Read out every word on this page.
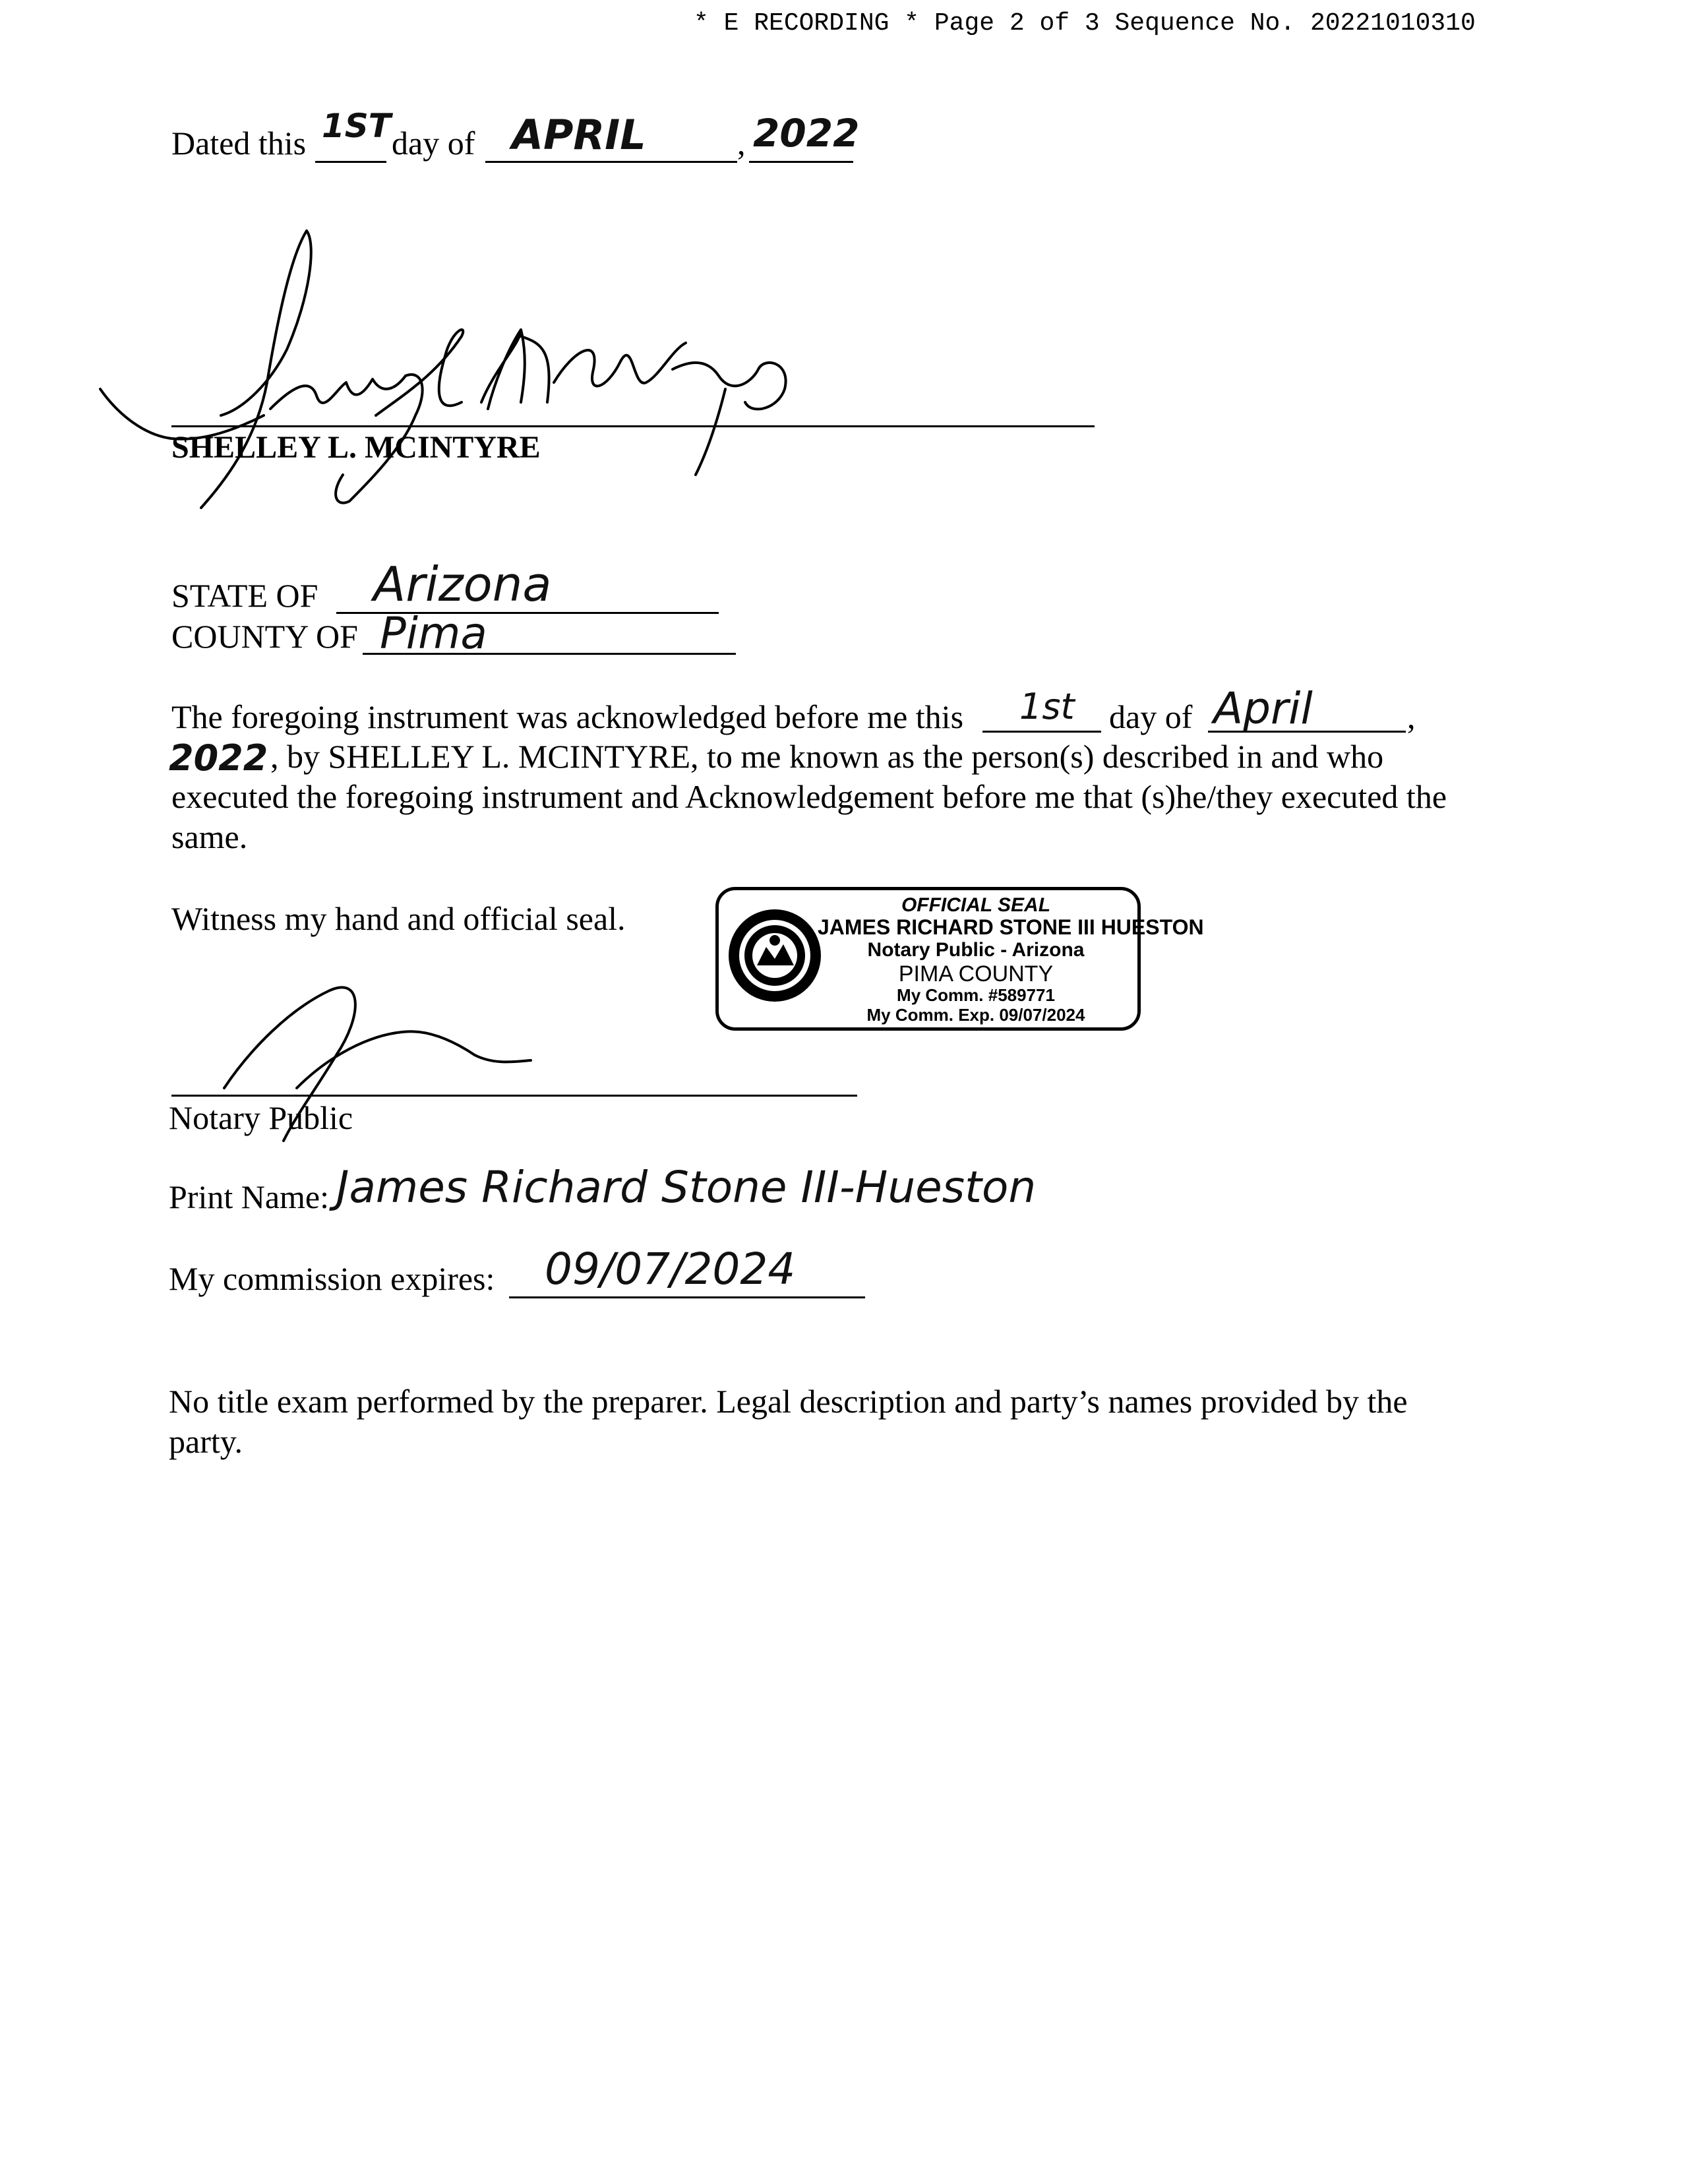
* E RECORDING * Page 2 of 3 Sequence No. 20221010310
Dated this 1ST day of APRIL	, 2022
SHELLEY L. MCINTYRE
STATE OF Arizona
COUNTY OF Pima
The foregoing instrument was acknowledged before me this 1st day of April	,
2022 , by SHELLEY L. MCINTYRE, to me known as the person(s) described in and who
executed the foregoing instrument and Acknowledgement before me that (s)he/they executed the
same.
Witness my hand and official seal.	OFFICIAL SEAL
JAMES RICHARD STONE III HUESTON
Notary Public - Arizona
PIMA COUNTY
My Comm. #589771
My Comm. Exp. 09/07/2024
Notary Public
Print Name: James Richard Stone III-Hueston
My commission expires: 09/07/2024
No title exam performed by the preparer. Legal description and party’s names provided by the
party.
